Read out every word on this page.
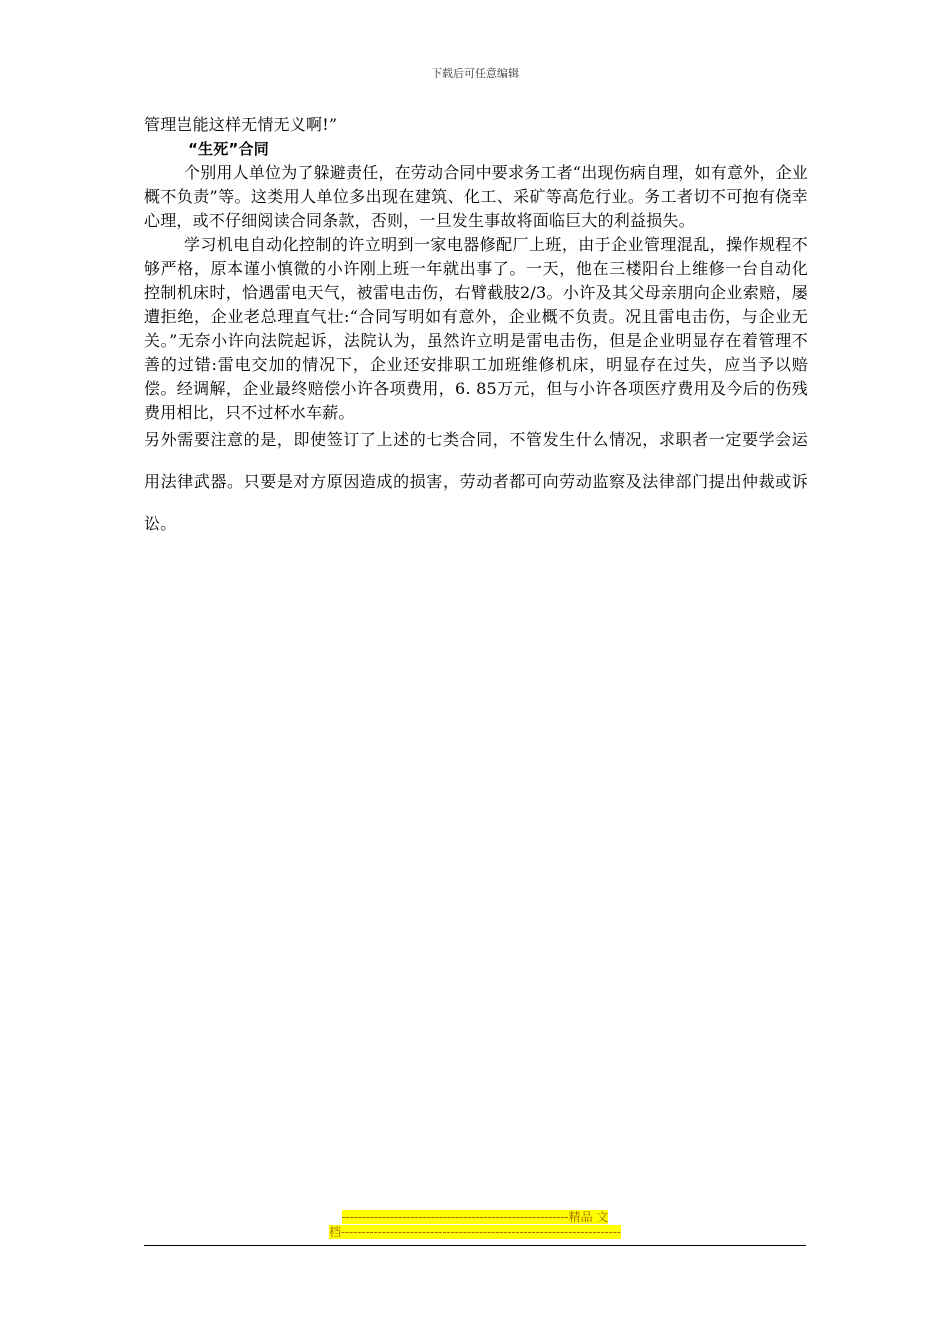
下载后可任意编辑

管理岂能这样无情无义啊!”

“生死”合同

个别用人单位为了躲避责任，在劳动合同中要求务工者“出现伤病自理，如有意外，企业概不负责”等。这类用人单位多出现在建筑、化工、采矿等高危行业。务工者切不可抱有侥幸心理，或不仔细阅读合同条款，否则，一旦发生事故将面临巨大的利益损失。

学习机电自动化控制的许立明到一家电器修配厂上班，由于企业管理混乱，操作规程不够严格，原本谨小慎微的小许刚上班一年就出事了。一天，他在三楼阳台上维修一台自动化控制机床时，恰遇雷电天气，被雷电击伤，右臂截肢2/3。小许及其父母亲朋向企业索赔，屡遭拒绝，企业老总理直气壮:“合同写明如有意外，企业概不负责。况且雷电击伤，与企业无关。”无奈小许向法院起诉，法院认为，虽然许立明是雷电击伤，但是企业明显存在着管理不善的过错:雷电交加的情况下，企业还安排职工加班维修机床，明显存在过失，应当予以赔偿。经调解，企业最终赔偿小许各项费用，6. 85万元，但与小许各项医疗费用及今后的伤残费用相比，只不过杯水车薪。

另外需要注意的是，即使签订了上述的七类合同，不管发生什么情况，求职者一定要学会运用法律武器。只要是对方原因造成的损害，劳动者都可向劳动监察及法律部门提出仲裁或诉讼。

--------------------------------------------------------精品 文
档---------------------------------------------------------------------
